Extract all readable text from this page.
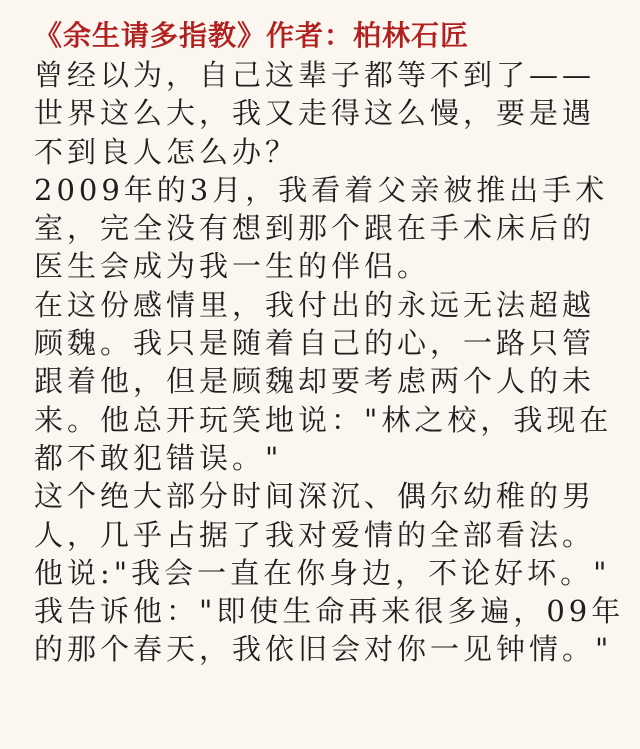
《余生请多指教》作者：柏林石匠
曾经以为，自己这辈子都等不到了——
世界这么大，我又走得这么慢，要是遇
不到良人怎么办？
2009年的3月，我看着父亲被推出手术
室，完全没有想到那个跟在手术床后的
医生会成为我一生的伴侣。
在这份感情里，我付出的永远无法超越
顾魏。我只是随着自己的心，一路只管
跟着他，但是顾魏却要考虑两个人的未
来。他总开玩笑地说："林之校，我现在
都不敢犯错误。"
这个绝大部分时间深沉、偶尔幼稚的男
人，几乎占据了我对爱情的全部看法。
他说:"我会一直在你身边，不论好坏。"
我告诉他："即使生命再来很多遍，09年
的那个春天，我依旧会对你一见钟情。"
